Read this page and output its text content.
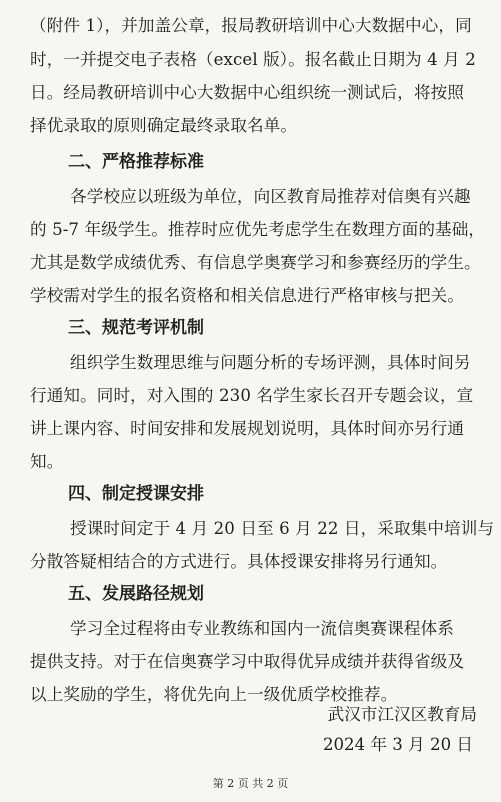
（附件 1），并加盖公章，报局教研培训中心大数据中心，同
时，一并提交电子表格（excel 版）。报名截止日期为 4 月 2
日。经局教研培训中心大数据中心组织统一测试后，将按照
择优录取的原则确定最终录取名单。
二、严格推荐标准
各学校应以班级为单位，向区教育局推荐对信奥有兴趣
的 5-7 年级学生。推荐时应优先考虑学生在数理方面的基础，
尤其是数学成绩优秀、有信息学奥赛学习和参赛经历的学生。
学校需对学生的报名资格和相关信息进行严格审核与把关。
三、规范考评机制
组织学生数理思维与问题分析的专场评测，具体时间另
行通知。同时，对入围的 230 名学生家长召开专题会议，宣
讲上课内容、时间安排和发展规划说明，具体时间亦另行通
知。
四、制定授课安排
授课时间定于 4 月 20 日至 6 月 22 日，采取集中培训与
分散答疑相结合的方式进行。具体授课安排将另行通知。
五、发展路径规划
学习全过程将由专业教练和国内一流信奥赛课程体系
提供支持。对于在信奥赛学习中取得优异成绩并获得省级及
以上奖励的学生，将优先向上一级优质学校推荐。
武汉市江汉区教育局
2024 年 3 月 20 日
第 2 页 共 2 页
